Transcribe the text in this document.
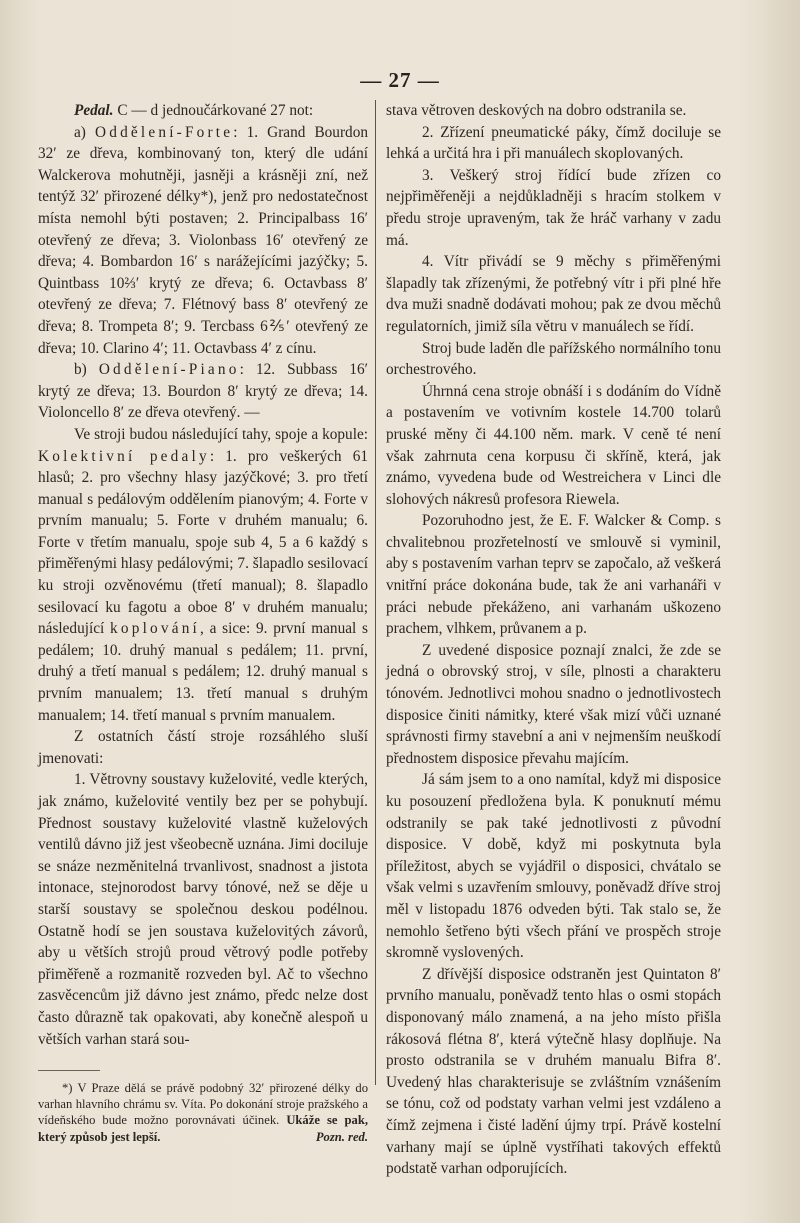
— 27 —

Pedal. C — d jednoučárkované 27 not:

a) Oddělení-Forte: 1. Grand Bourdon 32′ ze dřeva, kombinovaný ton, který dle udání Walckerova mohutněji, jasněji a krásněji zní, než tentýž 32′ přirozené délky*), jenž pro nedostatečnost místa nemohl býti postaven; 2. Principalbass 16′ otevřený ze dřeva; 3. Violonbass 16′ otevřený ze dřeva; 4. Bombardon 16′ s narážejícími jazýčky; 5. Quintbass 10⅔′ krytý ze dřeva; 6. Octavbass 8′ otevřený ze dřeva; 7. Flétnový bass 8′ otevřený ze dřeva; 8. Trompeta 8′; 9. Tercbass 6⅖′ otevřený ze dřeva; 10. Clarino 4′; 11. Octavbass 4′ z cínu.

b) Oddělení-Piano: 12. Subbass 16′ krytý ze dřeva; 13. Bourdon 8′ krytý ze dřeva; 14. Violoncello 8′ ze dřeva otevřený. —

Ve stroji budou následující tahy, spoje a kopule: Kolektivní pedaly: 1. pro veškerých 61 hlasů; 2. pro všechny hlasy jazýčkové; 3. pro třetí manual s pedálovým oddělením pianovým; 4. Forte v prvním manualu; 5. Forte v druhém manualu; 6. Forte v třetím manualu, spoje sub 4, 5 a 6 každý s přiměřenými hlasy pedálovými; 7. šlapadlo sesilovací ku stroji ozvěnovému (třetí manual); 8. šlapadlo sesilovací ku fagotu a oboe 8′ v druhém manualu; následující koplování, a sice: 9. první manual s pedálem; 10. druhý manual s pedálem; 11. první, druhý a třetí manual s pedálem; 12. druhý manual s prvním manualem; 13. třetí manual s druhým manualem; 14. třetí manual s prvním manualem.

Z ostatních částí stroje rozsáhlého sluší jmenovati:

1. Větrovny soustavy kuželovité, vedle kterých, jak známo, kuželovité ventily bez per se pohybují. Přednost soustavy kuželovité vlastně kuželových ventilů dávno již jest všeobecně uznána. Jimi dociluje se snáze nezměnitelná trvanlivost, snadnost a jistota intonace, stejnorodost barvy tónové, než se děje u starší soustavy se společnou deskou podélnou. Ostatně hodí se jen soustava kuželovitých závorů, aby u větších strojů proud větrový podle potřeby přiměřeně a rozmanitě rozveden byl. Ač to všechno zasvěcencům již dávno jest známo, předc nelze dost často důrazně tak opakovati, aby konečně alespoň u větších varhan stará sou-

stava větroven deskových na dobro odstranila se.

2. Zřízení pneumatické páky, čímž dociluje se lehká a určitá hra i při manuálech skoplovaných.

3. Veškerý stroj řídící bude zřízen co nejpřiměřeněji a nejdůkladněji s hracím stolkem v předu stroje upraveným, tak že hráč varhany v zadu má.

4. Vítr přivádí se 9 měchy s přiměřenými šlapadly tak zřízenými, že potřebný vítr i při plné hře dva muži snadně dodávati mohou; pak ze dvou měchů regulatorních, jimiž síla větru v manuálech se řídí.

Stroj bude laděn dle pařížského normálního tonu orchestrového.

Úhrnná cena stroje obnáší i s dodáním do Vídně a postavením ve votivním kostele 14.700 tolarů pruské měny či 44.100 něm. mark. V ceně té není však zahrnuta cena korpusu či skříně, která, jak známo, vyvedena bude od Westreichera v Linci dle slohových nákresů profesora Riewela.

Pozoruhodno jest, že E. F. Walcker & Comp. s chvalitebnou prozřetelností ve smlouvě si vyminil, aby s postavením varhan teprv se započalo, až veškerá vnitřní práce dokonána bude, tak že ani varhanáři v práci nebude překáženo, ani varhanám uškozeno prachem, vlhkem, průvanem a p.

Z uvedené disposice poznají znalci, že zde se jedná o obrovský stroj, v síle, plnosti a charakteru tónovém. Jednotlivci mohou snadno o jednotlivostech disposice činiti námitky, které však mizí vůči uznané správnosti firmy stavební a ani v nejmenším neuškodí přednostem disposice převahu majícím.

Já sám jsem to a ono namítal, když mi disposice ku posouzení předložena byla. K ponuknutí mému odstranily se pak také jednotlivosti z původní disposice. V době, když mi poskytnuta byla příležitost, abych se vyjádřil o disposici, chvátalo se však velmi s uzavřením smlouvy, poněvadž dříve stroj měl v listopadu 1876 odveden býti. Tak stalo se, že nemohlo šetřeno býti všech přání ve prospěch stroje skromně vyslovených.

Z dřívější disposice odstraněn jest Quintaton 8′ prvního manualu, poněvadž tento hlas o osmi stopách disponovaný málo znamená, a na jeho místo přišla rákosová flétna 8′, která výtečně hlasy doplňuje. Na prosto odstranila se v druhém manualu Bifra 8′. Uvedený hlas charakterisuje se zvláštním vznášením se tónu, což od podstaty varhan velmi jest vzdáleno a čímž zejmena i čisté ladění újmy trpí. Právě kostelní varhany mají se úplně vystříhati takových effektů podstatě varhan odporujících.

*) V Praze dělá se právě podobný 32′ přirozené délky do varhan hlavního chrámu sv. Víta. Po dokonání stroje pražského a vídeňského bude možno porovnávati účinek. Ukáže se pak, který způsob jest lepší.	Pozn. red.
